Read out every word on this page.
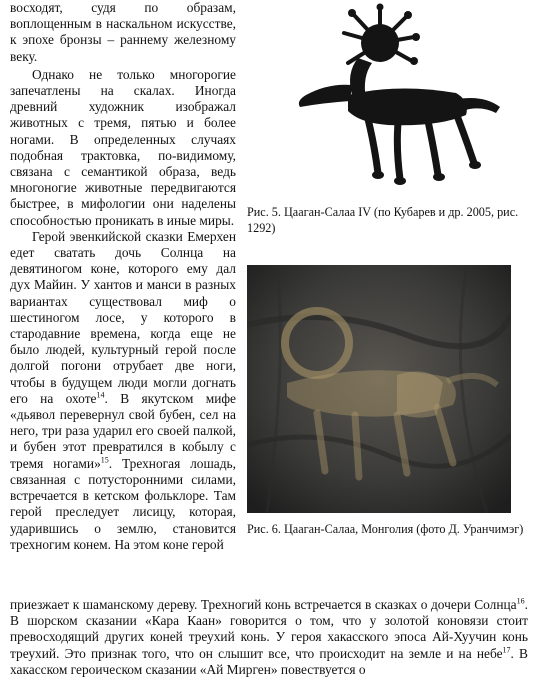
восходят, судя по образам, воплощенным в наскальном искусстве, к эпохе бронзы – раннему железному веку.

Однако не только многорогие запечатлены на скалах. Иногда древний художник изображал животных с тремя, пятью и более ногами. В определенных случаях подобная трактовка, по-видимому, связана с семантикой образа, ведь многоногие животные передвигаются быстрее, в мифологии они наделены способностью проникать в иные миры.

Герой эвенкийской сказки Емерхен едет сватать дочь Солнца на девятиногом коне, которого ему дал дух Майин. У хантов и манси в разных вариантах существовал миф о шестиногом лосе, у которого в стародавние времена, когда еще не было людей, культурный герой после долгой погони отрубает две ноги, чтобы в будущем люди могли догнать его на охоте$^{14}$. В якутском мифе «дьявол перевернул свой бубен, сел на него, три раза ударил его своей палкой, и бубен этот превратился в кобылу с тремя ногами»$^{15}$. Трехногая лошадь, связанная с потусторонними силами, встречается в кетском фольклоре. Там герой преследует лисицу, которая, ударившись о землю, становится трехногим конем. На этом коне герой

приезжает к шаманскому дереву. Трехногий конь встречается в сказках о дочери Солнца$^{16}$. В шорском сказании «Кара Каан» говорится о том, что у золотой коновязи стоит превосходящий других коней треухий конь. У героя хакасского эпоса Ай-Хуучин конь треухий. Это признак того, что он слышит все, что происходит на земле и на небе$^{17}$. В хакасском героическом сказании «Ай Мирген» повествуется о

Рис. 5. Цааган-Салаа IV (по Кубарев и др. 2005, рис. 1292)
Рис. 6. Цааган-Салаа, Монголия (фото Д. Уранчимэг)
